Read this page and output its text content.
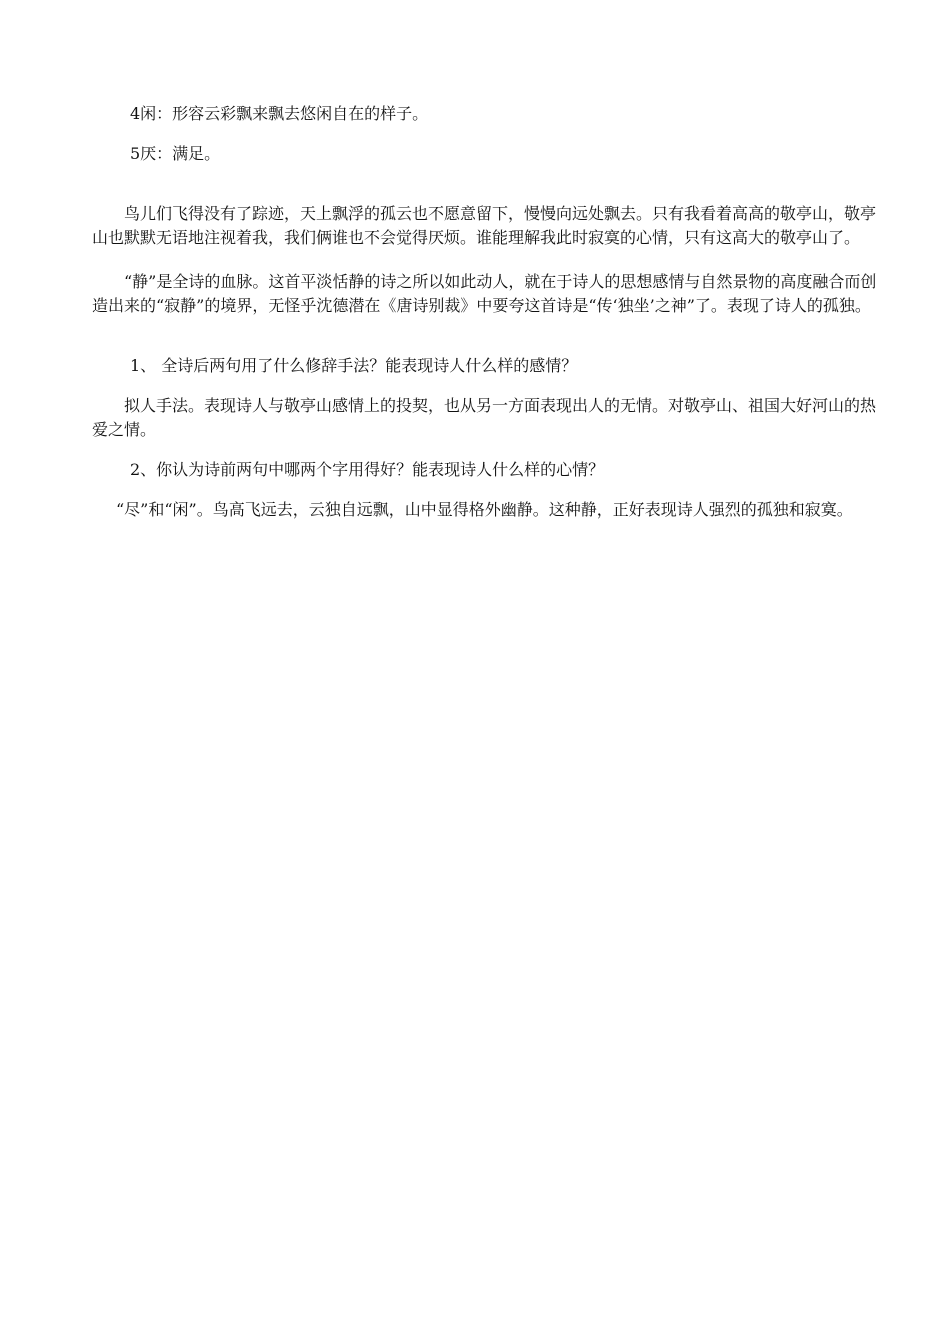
4闲：形容云彩飘来飘去悠闲自在的样子。

5厌：满足。

鸟儿们飞得没有了踪迹，天上飘浮的孤云也不愿意留下，慢慢向远处飘去。只有我看着高高的敬亭山，敬亭山也默默无语地注视着我，我们俩谁也不会觉得厌烦。谁能理解我此时寂寞的心情，只有这高大的敬亭山了。

“静”是全诗的血脉。这首平淡恬静的诗之所以如此动人，就在于诗人的思想感情与自然景物的高度融合而创造出来的“寂静”的境界，无怪乎沈德潜在《唐诗别裁》中要夸这首诗是“传‘独坐’之神”了。表现了诗人的孤独。

1、 全诗后两句用了什么修辞手法？能表现诗人什么样的感情？

拟人手法。表现诗人与敬亭山感情上的投契，也从另一方面表现出人的无情。对敬亭山、祖国大好河山的热爱之情。

2、你认为诗前两句中哪两个字用得好？能表现诗人什么样的心情？

“尽”和“闲”。鸟高飞远去，云独自远飘，山中显得格外幽静。这种静，正好表现诗人强烈的孤独和寂寞。
